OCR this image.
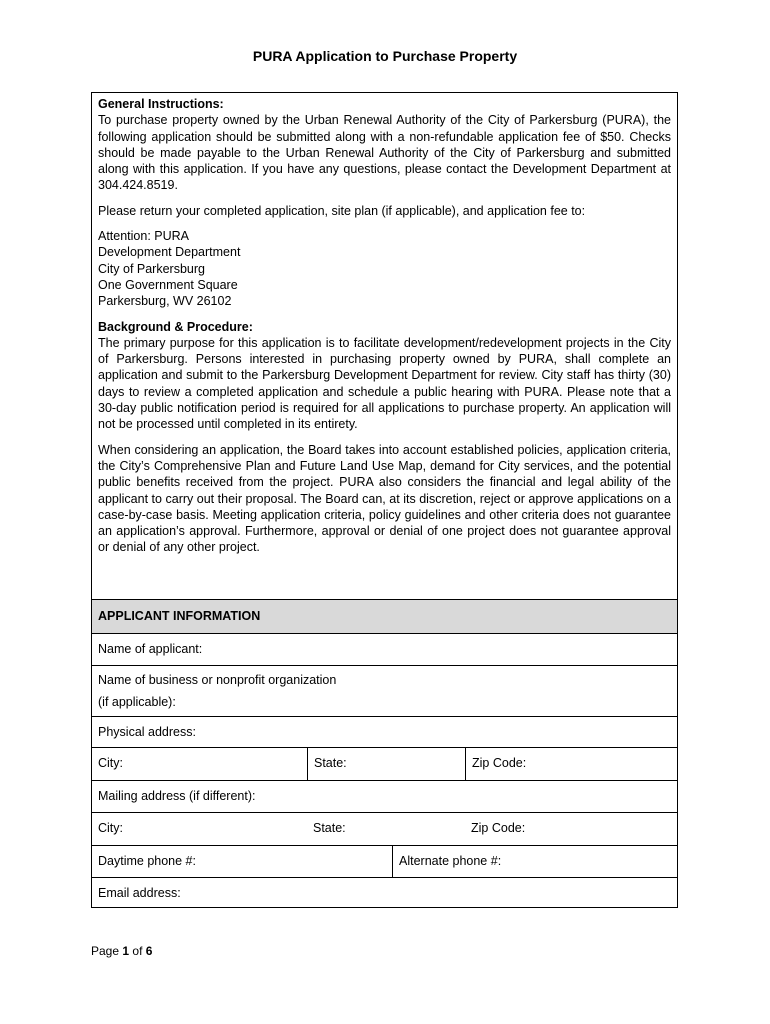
PURA Application to Purchase Property

General Instructions:

To purchase property owned by the Urban Renewal Authority of the City of Parkersburg (PURA), the following application should be submitted along with a non-refundable application fee of $50. Checks should be made payable to the Urban Renewal Authority of the City of Parkersburg and submitted along with this application. If you have any questions, please contact the Development Department at 304.424.8519.

Please return your completed application, site plan (if applicable), and application fee to:

Attention: PURA
Development Department
City of Parkersburg
One Government Square
Parkersburg, WV 26102

Background & Procedure:

The primary purpose for this application is to facilitate development/redevelopment projects in the City of Parkersburg. Persons interested in purchasing property owned by PURA, shall complete an application and submit to the Parkersburg Development Department for review. City staff has thirty (30) days to review a completed application and schedule a public hearing with PURA. Please note that a 30-day public notification period is required for all applications to purchase property. An application will not be processed until completed in its entirety.

When considering an application, the Board takes into account established policies, application criteria, the City’s Comprehensive Plan and Future Land Use Map, demand for City services, and the potential public benefits received from the project. PURA also considers the financial and legal ability of the applicant to carry out their proposal. The Board can, at its discretion, reject or approve applications on a case-by-case basis. Meeting application criteria, policy guidelines and other criteria does not guarantee an application’s approval. Furthermore, approval or denial of one project does not guarantee approval or denial of any other project.

APPLICANT INFORMATION
Name of applicant:
Name of business or nonprofit organization
(if applicable):
Physical address:
City:	State:	Zip Code:
Mailing address (if different):
City:	State:	Zip Code:
Daytime phone #:	Alternate phone #:
Email address:
Page 1 of 6
